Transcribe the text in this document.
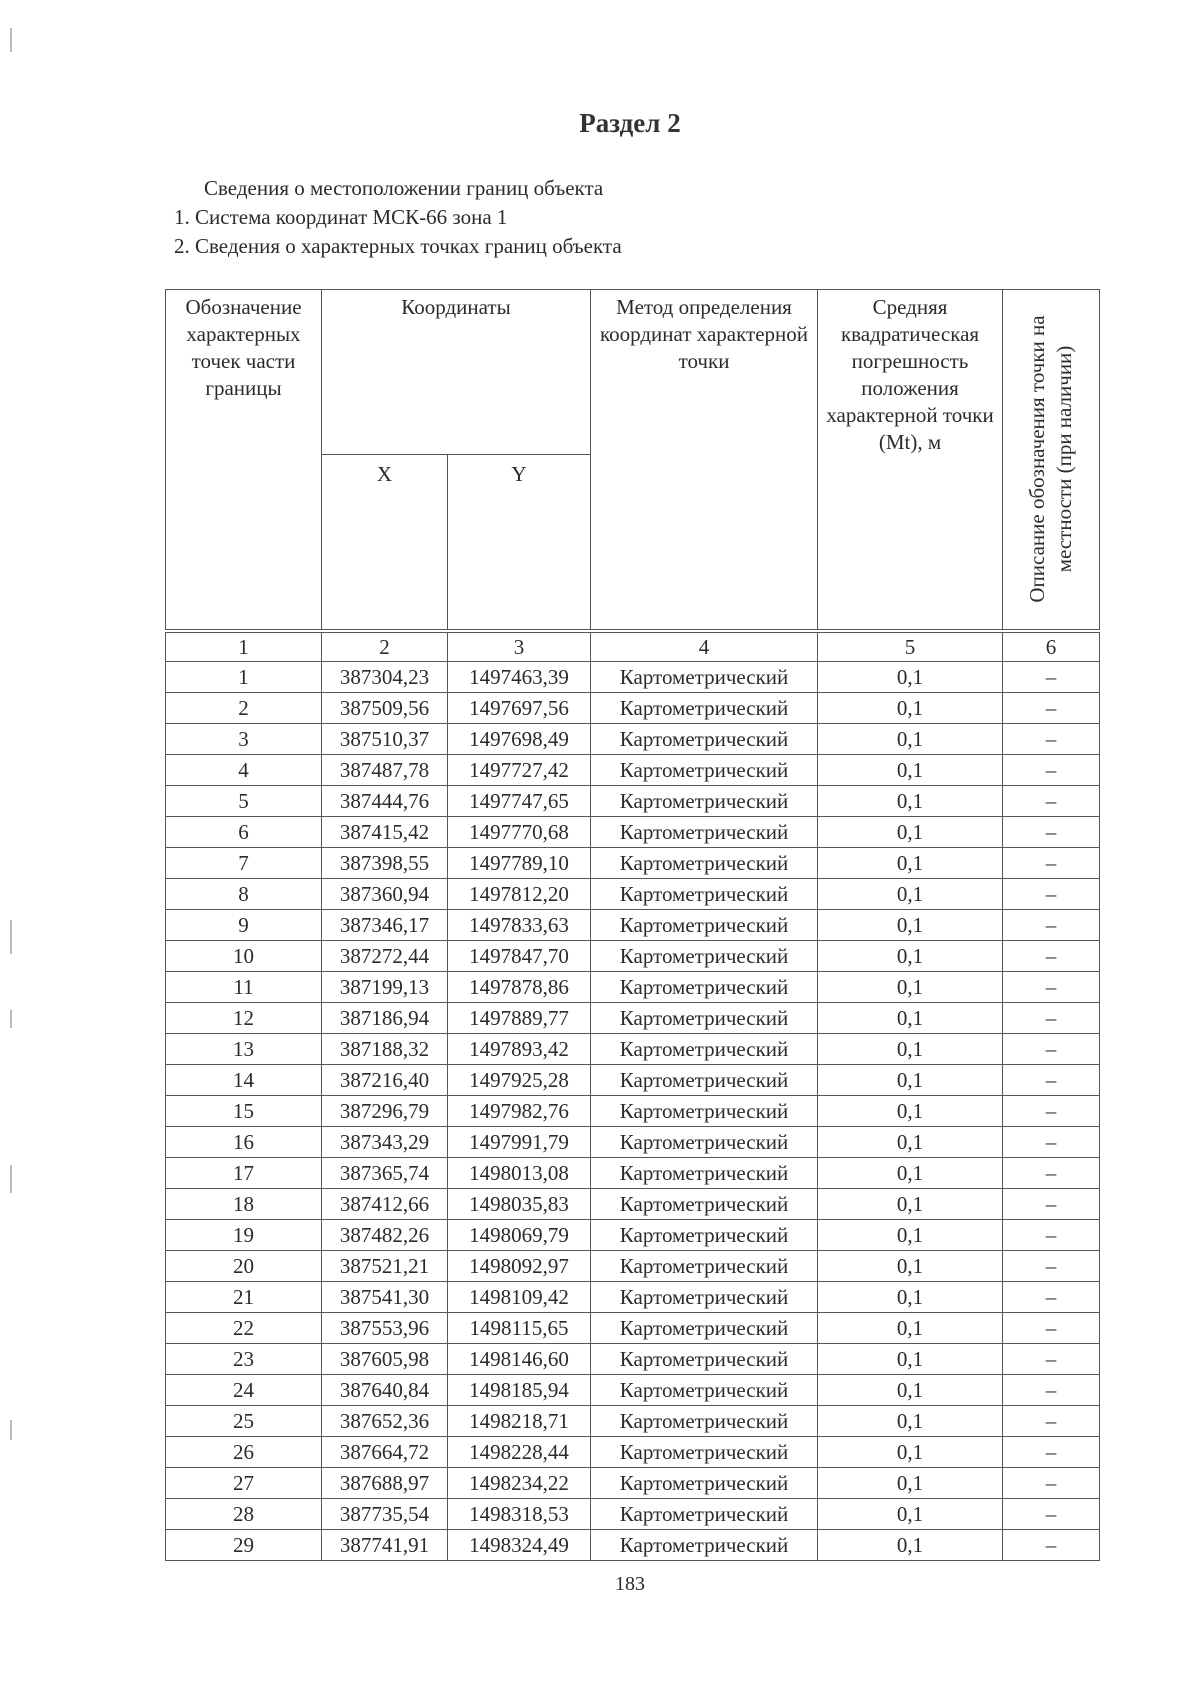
Раздел 2
Сведения о местоположении границ объекта
1. Система координат МСК-66 зона 1
2. Сведения о характерных точках границ объекта
Обозначение характерных точек части границы	Координаты		Метод определения координат характерной точки	Средняя квадратическая погрешность положения характерной точки (Mt), м	Описание обозначения точки на местности (при наличии)

	X	Y			
1	2	3	4	5	6
1	387304,23	1497463,39	Картометрический	0,1	–
2	387509,56	1497697,56	Картометрический	0,1	–
3	387510,37	1497698,49	Картометрический	0,1	–
4	387487,78	1497727,42	Картометрический	0,1	–
5	387444,76	1497747,65	Картометрический	0,1	–
6	387415,42	1497770,68	Картометрический	0,1	–
7	387398,55	1497789,10	Картометрический	0,1	–
8	387360,94	1497812,20	Картометрический	0,1	–
9	387346,17	1497833,63	Картометрический	0,1	–
10	387272,44	1497847,70	Картометрический	0,1	–
11	387199,13	1497878,86	Картометрический	0,1	–
12	387186,94	1497889,77	Картометрический	0,1	–
13	387188,32	1497893,42	Картометрический	0,1	–
14	387216,40	1497925,28	Картометрический	0,1	–
15	387296,79	1497982,76	Картометрический	0,1	–
16	387343,29	1497991,79	Картометрический	0,1	–
17	387365,74	1498013,08	Картометрический	0,1	–
18	387412,66	1498035,83	Картометрический	0,1	–
19	387482,26	1498069,79	Картометрический	0,1	–
20	387521,21	1498092,97	Картометрический	0,1	–
21	387541,30	1498109,42	Картометрический	0,1	–
22	387553,96	1498115,65	Картометрический	0,1	–
23	387605,98	1498146,60	Картометрический	0,1	–
24	387640,84	1498185,94	Картометрический	0,1	–
25	387652,36	1498218,71	Картометрический	0,1	–
26	387664,72	1498228,44	Картометрический	0,1	–
27	387688,97	1498234,22	Картометрический	0,1	–
28	387735,54	1498318,53	Картометрический	0,1	–
29	387741,91	1498324,49	Картометрический	0,1	–
183
